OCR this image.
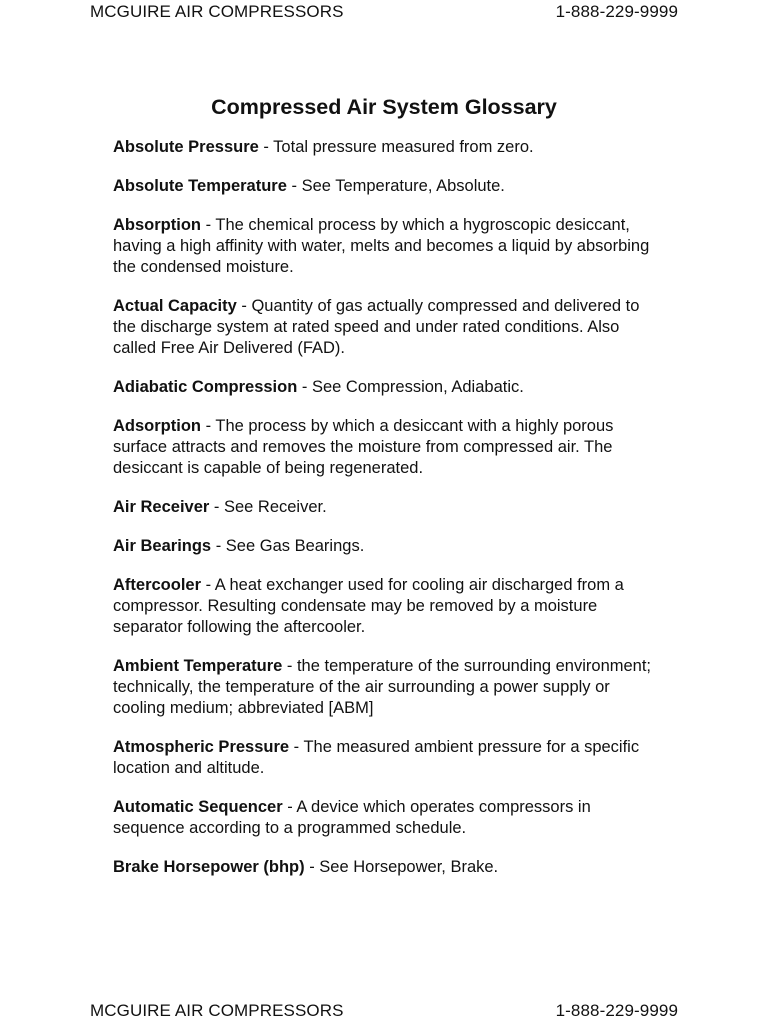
MCGUIRE AIR COMPRESSORS	1-888-229-9999
Compressed Air System Glossary

Absolute Pressure - Total pressure measured from zero.

Absolute Temperature - See Temperature, Absolute.

Absorption - The chemical process by which a hygroscopic desiccant, having a high affinity with water, melts and becomes a liquid by absorbing the condensed moisture.

Actual Capacity - Quantity of gas actually compressed and delivered to the discharge system at rated speed and under rated conditions. Also called Free Air Delivered (FAD).

Adiabatic Compression - See Compression, Adiabatic.

Adsorption - The process by which a desiccant with a highly porous surface attracts and removes the moisture from compressed air. The desiccant is capable of being regenerated.

Air Receiver - See Receiver.

Air Bearings - See Gas Bearings.

Aftercooler - A heat exchanger used for cooling air discharged from a compressor. Resulting condensate may be removed by a moisture separator following the aftercooler.

Ambient Temperature - the temperature of the surrounding environment; technically, the temperature of the air surrounding a power supply or cooling medium; abbreviated [ABM]

Atmospheric Pressure - The measured ambient pressure for a specific location and altitude.

Automatic Sequencer - A device which operates compressors in sequence according to a programmed schedule.

Brake Horsepower (bhp) - See Horsepower, Brake.

MCGUIRE AIR COMPRESSORS	1-888-229-9999
